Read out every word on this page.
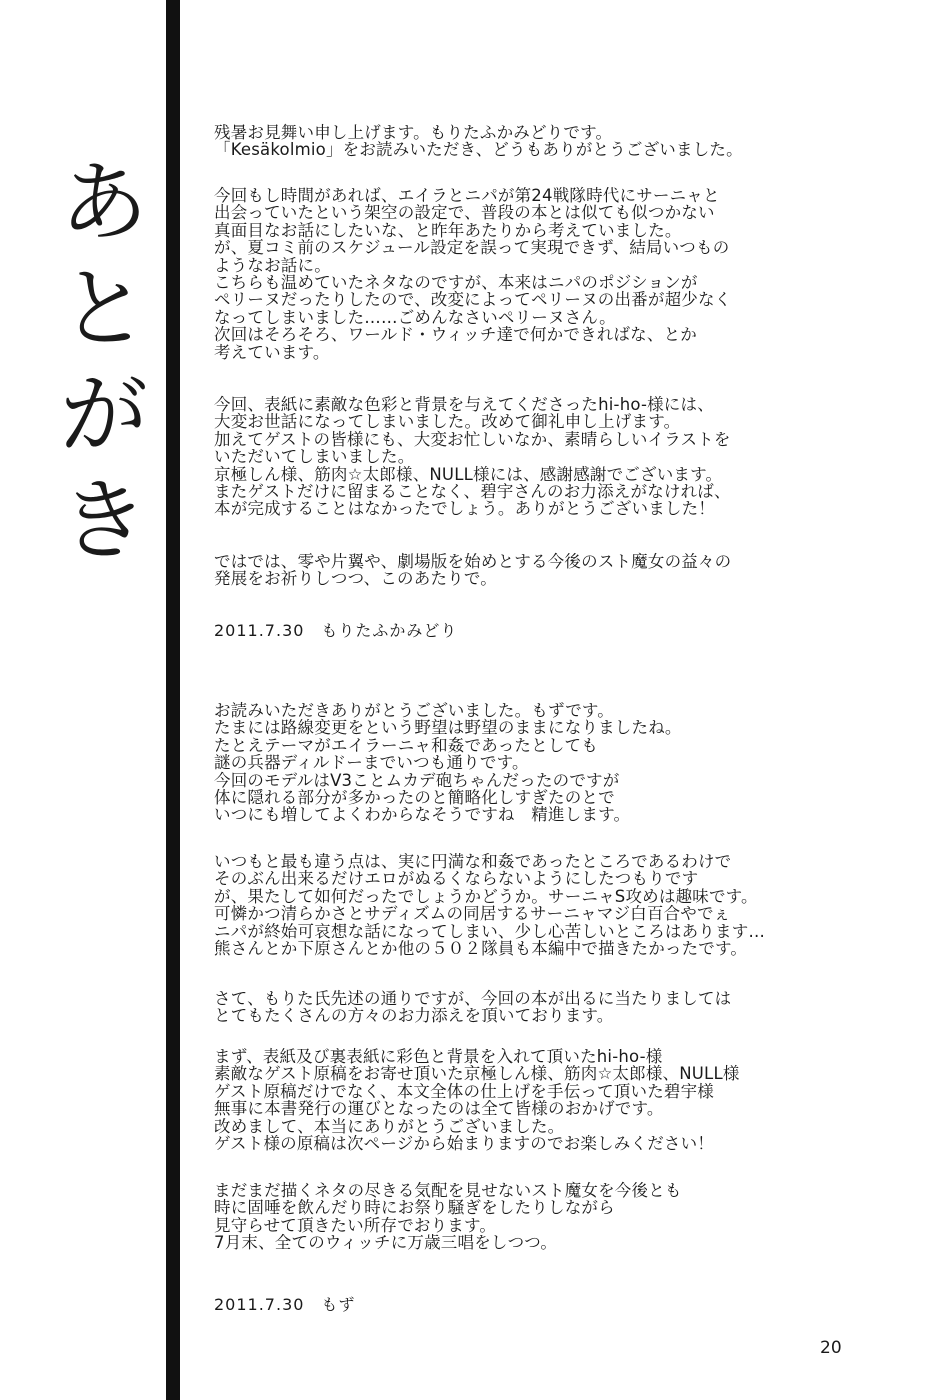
あ
と
が
き
残暑お見舞い申し上げます。もりたふかみどりです。
「Kesäkolmio」をお読みいただき、どうもありがとうございました。
今回もし時間があれば、エイラとニパが第24戦隊時代にサーニャと
出会っていたという架空の設定で、普段の本とは似ても似つかない
真面目なお話にしたいな、と昨年あたりから考えていました。
が、夏コミ前のスケジュール設定を誤って実現できず、結局いつもの
ようなお話に。
こちらも温めていたネタなのですが、本来はニパのポジションが
ペリーヌだったりしたので、改変によってペリーヌの出番が超少なく
なってしまいました……ごめんなさいペリーヌさん。
次回はそろそろ、ワールド・ウィッチ達で何かできればな、とか
考えています。
今回、表紙に素敵な色彩と背景を与えてくださったhi-ho-様には、
大変お世話になってしまいました。改めて御礼申し上げます。
加えてゲストの皆様にも、大変お忙しいなか、素晴らしいイラストを
いただいてしまいました。
京極しん様、筋肉☆太郎様、NULL様には、感謝感謝でございます。
またゲストだけに留まることなく、碧宇さんのお力添えがなければ、
本が完成することはなかったでしょう。ありがとうございました！
ではでは、零や片翼や、劇場版を始めとする今後のスト魔女の益々の
発展をお祈りしつつ、このあたりで。
2011.7.30　もりたふかみどり
お読みいただきありがとうございました。もずです。
たまには路線変更をという野望は野望のままになりましたね。
たとえテーマがエイラーニャ和姦であったとしても
謎の兵器ディルドーまでいつも通りです。
今回のモデルはV3ことムカデ砲ちゃんだったのですが
体に隠れる部分が多かったのと簡略化しすぎたのとで
いつにも増してよくわからなそうですね　精進します。
いつもと最も違う点は、実に円満な和姦であったところであるわけで
そのぶん出来るだけエロがぬるくならないようにしたつもりです
が、果たして如何だったでしょうかどうか。サーニャS攻めは趣味です。
可憐かつ清らかさとサディズムの同居するサーニャマジ白百合やでぇ
ニパが終始可哀想な話になってしまい、少し心苦しいところはあります…
熊さんとか下原さんとか他の５０２隊員も本編中で描きたかったです。
さて、もりた氏先述の通りですが、今回の本が出るに当たりましては
とてもたくさんの方々のお力添えを頂いております。
まず、表紙及び裏表紙に彩色と背景を入れて頂いたhi-ho-様
素敵なゲスト原稿をお寄せ頂いた京極しん様、筋肉☆太郎様、NULL様
ゲスト原稿だけでなく、本文全体の仕上げを手伝って頂いた碧宇様
無事に本書発行の運びとなったのは全て皆様のおかげです。
改めまして、本当にありがとうございました。
ゲスト様の原稿は次ページから始まりますのでお楽しみください！
まだまだ描くネタの尽きる気配を見せないスト魔女を今後とも
時に固唾を飲んだり時にお祭り騒ぎをしたりしながら
見守らせて頂きたい所存でおります。
7月末、全てのウィッチに万歳三唱をしつつ。
2011.7.30　もず
20
